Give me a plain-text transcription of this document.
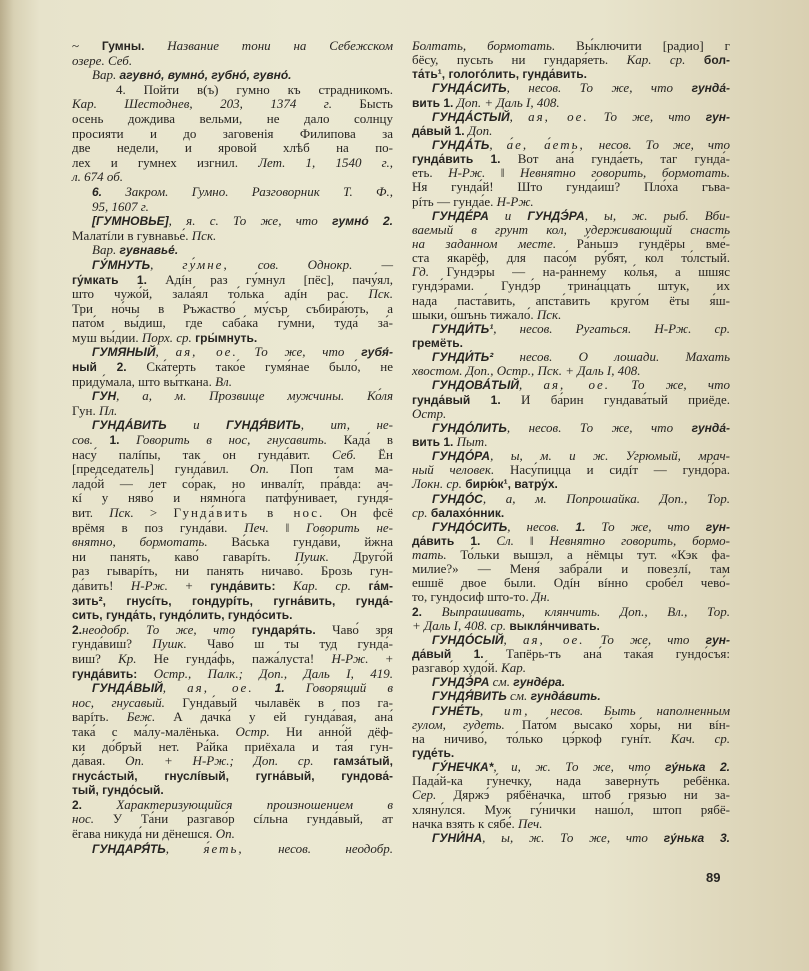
~ Гумны. Название тони на Себежском
озере. Себ.
Вар. агувно́, вумно́, губно́, гувно́.
4. Пойти в(ъ) гумно къ страдникомъ.
Кар. Шестоднев, 203, 1374 г. Бысть
осень дождива вельми, не дало солнцу
просияти и до заговенія Филипова за
две недели, и яровой хлѣб на по-
лех и гумнех изгнил. Лет. 1, 1540 г.,
л. 674 об.
6. Закром. Гумно. Разговорник Т. Ф.,
95, 1607 г.
[ГУМНОВЬЕ], я. с. То же, что гумно́ 2.
Малатíли в гувнавье́. Пск.
Вар. гувнавье́.
ГУ́МНУТЬ, гу́мне, сов. Однокр. —
гу́мкать 1. Адíн раз гу́мнул [пёс], пачу́ял,
што чужо́й, зала́ял то́лька адíн рас. Пск.
Три но́чы в Ръжаство́ му́сър събира́ють, а
пато́м вы́диш, где саба́ка гу́мни, туда́ за́-
муш вы́дии. Порх. ср. гры́мнуть.
ГУМЯНЫЙ, ая, ое. То же, что губя́-
ный 2. Ска́терть тако́е гумя́нае было́, не
приду́мала, што вы́ткана. Вл.
ГУН, а, м. Прозвище мужчины. Ко́ля
Гун. Пл.
ГУНДА́ВИТЬ и ГУНДЯ́ВИТЬ, ит, не-
сов. 1. Говорить в нос, гнусавить. Када́ в
насу́ палíпы, так он гунда́вит. Себ. Ён
[председатель] гунда́вил. Оп. Поп там ма-
ладо́й — лет со́рак, но инвалíт, пра́вда: ач-
кí у няво́ и нямно́га патфу́нивает, гундя́-
вит. Пск. > Гунда́вить в нос. Он фсё
врёмя в поз гунда́ви. Печ. ‖ Говорить не-
внятно, бормотать. Ва́ська гунда́ви, йжна
ни панять, каво́ гаварíть. Пушк. Друго́й
раз гыварíть, ни панять ничаво́. Брозь гун-
да́вить! Н-Рж. + гунда́вить: Кар. ср. га́м-
зить², гнусíть, гондурíть, гугна́вить, гунда́-
сить, гунда́ть, гундо́лить, гундо́сить.
2.неодобр. То же, что гундаря́ть. Чаво́ зря
гунда́виш? Пушк. Чаво́ ш ты туд гунда́-
виш? Кр. Не гунда́фь, пажа́луста! Н-Рж. +
гунда́вить: Остр., Палк.; Доп., Даль I, 419.
ГУНДА́ВЫЙ, ая, ое. 1. Говорящий в
нос, гнусавый. Гунда́вый чылавёк в поз га-
варíть. Беж. А дачка́ у ей гунда́вая, ана́
така́ с ма́лу-малёнька. Остр. Ни анно́й дёф-
ки до́бръй нет. Ра́йка приёхала и та́я гун-
да́вая. Оп. + Н-Рж.; Доп. ср. гамза́тый,
гнуса́стый, гнуслíвый, гугна́вый, гундова́-
тый, гундо́сый.
2. Характеризующийся произношением в
нос. У Та́ни разгаво́р сíльна гунда́вый, ат
ёгава никуда́ ни дёнешся. Оп.
ГУНДАРЯ́ТЬ, я́еть, несов. неодобр.
Болтать, бормотать. Вы́ключити [радио] г
бёсу, пусьть ни гундаря́еть. Кар. ср. бол-
та́ть¹, гологóлить, гунда́вить.
ГУНДА́СИТЬ, несов. То же, что гунда́-
вить 1. Доп. + Даль I, 408.
ГУНДА́СТЫЙ, ая, ое. То же, что гун-
да́вый 1. Доп.
ГУНДА́ТЬ, а́е, а́еть, несов. То же, что
гунда́вить 1. Вот ана́ гунда́еть, таг гунда́-
еть. Н-Рж. ‖ Невнятно говорить, бормотать.
Ня гунда́й! Што гунда́иш? Пло́ха гъва-
рíть — гунда́е. Н-Рж.
ГУНДЕ́РА и ГУНДЭ́РА, ы, ж. рыб. Вби-
ваемый в грунт кол, удерживающий снасть
на заданном месте. Ра́ньшэ гундёры вме́-
ста якарёф, для пасо́м ру́бят, кол то́лстый.
Гд. Гундэ́ры — на-ра́ннему ко́лья, а шшяс
гундэ́рами. Гундэ́р трина́ццать штук, их
нада паста́вить, апста́вить круго́м ёты я́ш-
шыки, о́шънь тижало́. Пск.
ГУНДИ́ТЬ¹, несов. Ругаться. Н-Рж. ср.
гремёть.
ГУНДИ́ТЬ² несов. О лошади. Махать
хвостом. Доп., Остр., Пск. + Даль I, 408.
ГУНДОВА́ТЫЙ, ая, ое. То же, что
гунда́вый 1. И ба́рин гундава́тый приёде.
Остр.
ГУНДО́ЛИТЬ, несов. То же, что гунда́-
вить 1. Пыт.
ГУНДО́РА, ы, м. и ж. Угрюмый, мрач-
ный человек. Насу́пицца и сидíт — гундо́ра.
Локн. ср. бирю́к¹, ватру́х.
ГУНДО́С, а, м. Попрошайка. Доп., Тор.
ср. балахо́нник.
ГУНДО́СИТЬ, несов. 1. То же, что гун-
да́вить 1. Сл. ‖ Невнятно говорить, бормо-
тать. То́льки вышэл, а нёмцы тут. «Кэк фа-
милие?» — Меня́ забра́ли и повезлí, там
ешшё двое были. Одíн вíнно сробе́л чево́-
то, гундо́сиф што-то. Дн.
2. Выпрашивать, клянчить. Доп., Вл., Тор.
+ Даль I, 408. ср. выкля́нчивать.
ГУНДО́СЫЙ, ая, ое. То же, что гун-
да́вый 1. Тапёрь-тъ ана́ така́я гундо́съя:
разгаво́р худо́й. Кар.
ГУНДЭ́РА см. гунде́ра.
ГУНДЯ́ВИТЬ см. гунда́вить.
ГУНЕ́ТЬ, ит, несов. Быть наполненным
гулом, гудеть. Пато́м высако́ хо́ры, ни вíн-
на ничиво́, то́лько цэ́ркоф гунíт. Кач. ср.
гуде́ть.
ГУ́НЕЧКА*, и, ж. То же, что гу́нька 2.
Пада́й-ка гу́нечку, нада заверну́ть ребёнка.
Сер. Дяржэ́ рябёначка, штоб грязью ни за-
хляну́лся. Муж гу́нички нашо́л, штоп рябё-
начка взять к сябе́. Печ.
ГУНИ́НА, ы, ж. То же, что гу́нька 3.
89
